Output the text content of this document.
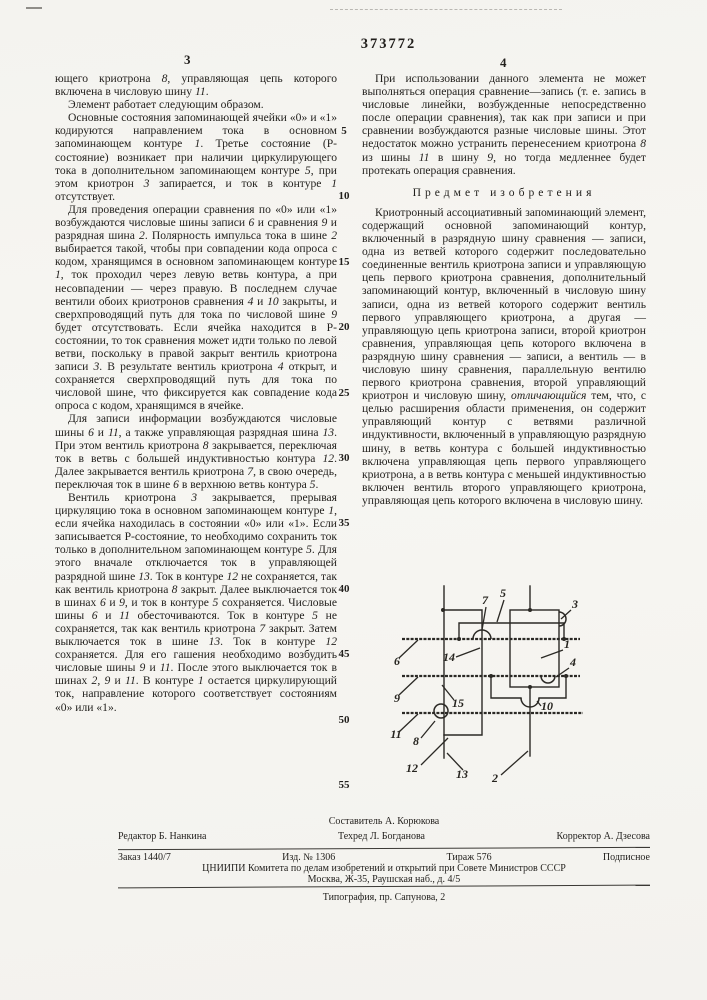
373772
3	4

ющего криотрона 8, управляющая цепь которого включена в числовую шину 11.

Элемент работает следующим образом.

Основные состояния запоминающей ячейки «0» и «1» кодируются направлением тока в основном запоминающем контуре 1. Третье состояние (Р-состояние) возникает при наличии циркулирующего тока в дополнительном запоминающем контуре 5, при этом криотрон 3 запирается, и ток в контуре 1 отсутствует.

Для проведения операции сравнения по «0» или «1» возбуждаются числовые шины записи 6 и сравнения 9 и разрядная шина 2. Полярность импульса тока в шине 2 выбирается такой, чтобы при совпадении кода опроса с кодом, хранящимся в основном запоминающем контуре 1, ток проходил через левую ветвь контура, а при несовпадении — через правую. В последнем случае вентили обоих криотронов сравнения 4 и 10 закрыты, и сверхпроводящий путь для тока по числовой шине 9 будет отсутствовать. Если ячейка находится в Р-состоянии, то ток сравнения может идти только по левой ветви, поскольку в правой закрыт вентиль криотрона записи 3. В результате вентиль криотрона 4 открыт, и сохраняется сверхпроводящий путь для тока по числовой шине, что фиксируется как совпадение кода опроса с кодом, хранящимся в ячейке.

Для записи информации возбуждаются числовые шины 6 и 11, а также управляющая разрядная шина 13. При этом вентиль криотрона 8 закрывается, переключая ток в ветвь с большей индуктивностью контура 12. Далее закрывается вентиль криотрона 7, в свою очередь, переключая ток в шине 6 в верхнюю ветвь контура 5.

Вентиль криотрона 3 закрывается, прерывая циркуляцию тока в основном запоминающем контуре 1, если ячейка находилась в состоянии «0» или «1». Если записывается Р-состояние, то необходимо сохранить ток только в дополнительном запоминающем контуре 5. Для этого вначале отключается ток в управляющей разрядной шине 13. Ток в контуре 12 не сохраняется, так как вентиль криотрона 8 закрыт. Далее выключается ток в шинах 6 и 9, и ток в контуре 5 сохраняется. Числовые шины 6 и 11 обесточиваются. Ток в контуре 5 не сохраняется, так как вентиль криотрона 7 закрыт. Затем выключается ток в шине 13. Ток в контуре 12 сохраняется. Для его гашения необходимо возбудить числовые шины 9 и 11. После этого выключается ток в шинах 2, 9 и 11. В контуре 1 остается циркулирующий ток, направление которого соответствует состояниям «0» или «1».

При использовании данного элемента не может выполняться операция сравнение—запись (т. е. запись в числовые линейки, возбужденные непосредственно после операции сравнения), так как при записи и при сравнении возбуждаются разные числовые шины. Этот недостаток можно устранить перенесением криотрона 8 из шины 11 в шину 9, но тогда медленнее будет протекать операция сравнения.

Предмет изобретения

Криотронный ассоциативный запоминающий элемент, содержащий основной запоминающий контур, включенный в разрядную шину сравнения — записи, одна из ветвей которого содержит последовательно соединенные вентиль криотрона записи и управляющую цепь первого криотрона сравнения, дополнительный запоминающий контур, включенный в числовую шину записи, одна из ветвей которого содержит вентиль первого управляющего криотрона, а другая — управляющую цепь криотрона записи, второй криотрон сравнения, управляющая цепь которого включена в разрядную шину сравнения — записи, а вентиль — в числовую шину сравнения, параллельную вентилю первого криотрона сравнения, второй управляющий криотрон и числовую шину, отличающийся тем, что, с целью расширения области применения, он содержит управляющий контур с ветвями различной индуктивности, включенный в управляющую разрядную шину, в ветвь контура с большей индуктивностью включена управляющая цепь первого управляющего криотрона, а в ветвь контура с меньшей индуктивностью включен вентиль второго управляющего криотрона, управляющая цепь которого включена в числовую шину.

5
10
15
20
25
30
35
40
45
50
55
5
7	3
1
4
6	14
9	15	10
11 8
12	13 2
Составитель А. Корюкова
Редактор Б. Нанкина	Техред Л. Богданова	Корректор А. Дзесова
Заказ 1440/7	Изд. № 1306	Тираж 576	Подписное
ЦНИИПИ Комитета по делам изобретений и открытий при Совете Министров СССР
Москва, Ж-35, Раушская наб., д. 4/5
Типография, пр. Сапунова, 2
